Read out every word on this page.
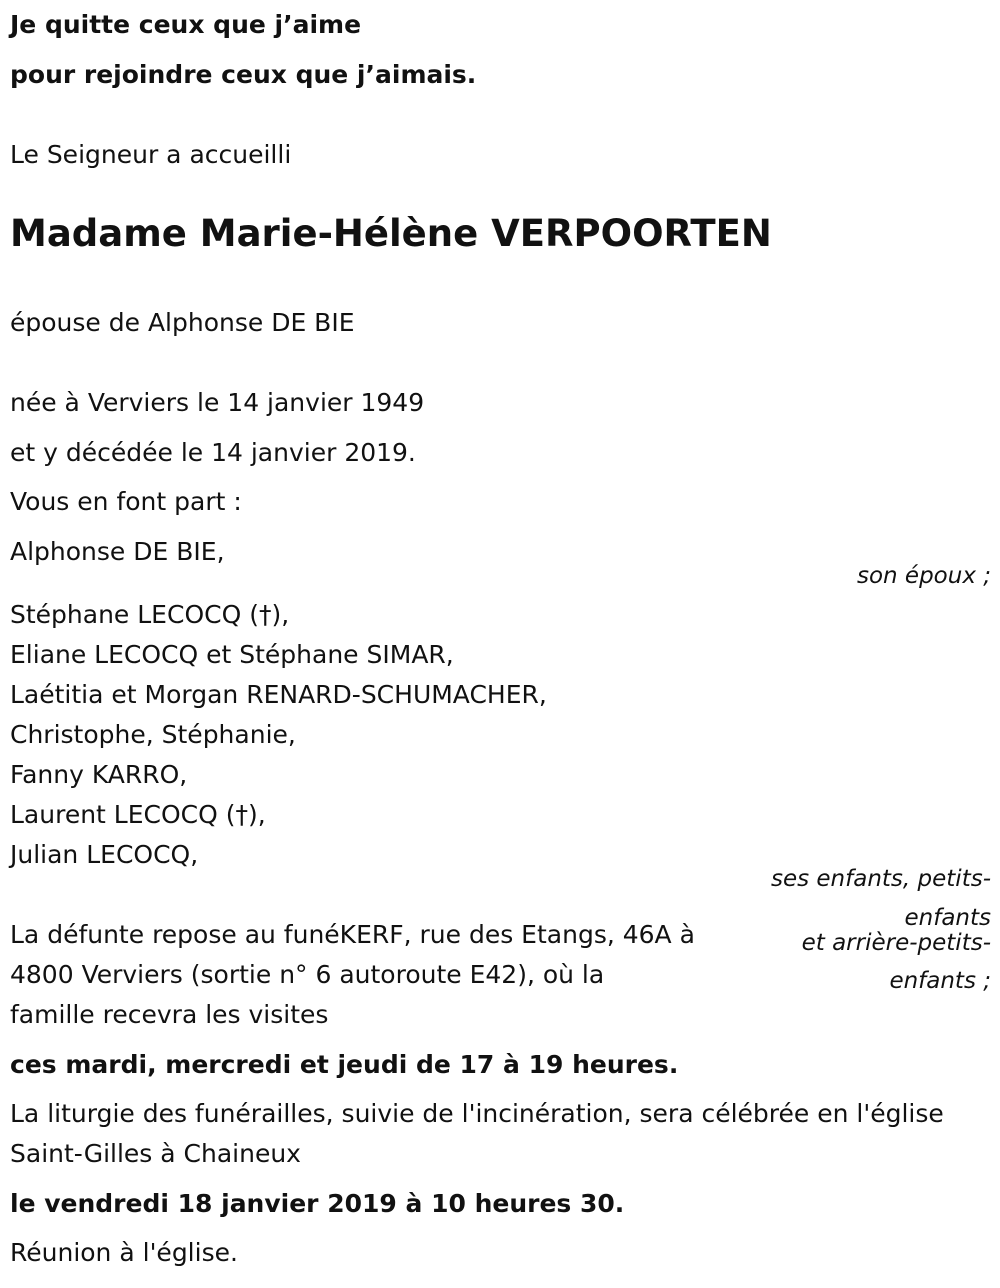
Je quitte ceux que j’aime
pour rejoindre ceux que j’aimais.
Le Seigneur a accueilli
Madame Marie-Hélène VERPOORTEN
épouse de Alphonse DE BIE
née à Verviers le 14 janvier 1949
et y décédée le 14 janvier 2019.
Vous en font part :
Alphonse DE BIE,
son époux ;
Stéphane LECOCQ (†),
Eliane LECOCQ et Stéphane SIMAR,
Laétitia et Morgan RENARD-SCHUMACHER,
Christophe, Stéphanie,
Fanny KARRO,
Laurent LECOCQ (†),
Julian LECOCQ,
ses enfants, petits-
enfants
et arrière-petits-
enfants ;
La défunte repose au funéKERF, rue des Etangs, 46A à
4800 Verviers (sortie n° 6 autoroute E42), où la
famille recevra les visites
ces mardi, mercredi et jeudi de 17 à 19 heures.
La liturgie des funérailles, suivie de l'incinération, sera célébrée en l'église
Saint-Gilles à Chaineux
le vendredi 18 janvier 2019 à 10 heures 30.
Réunion à l'église.
